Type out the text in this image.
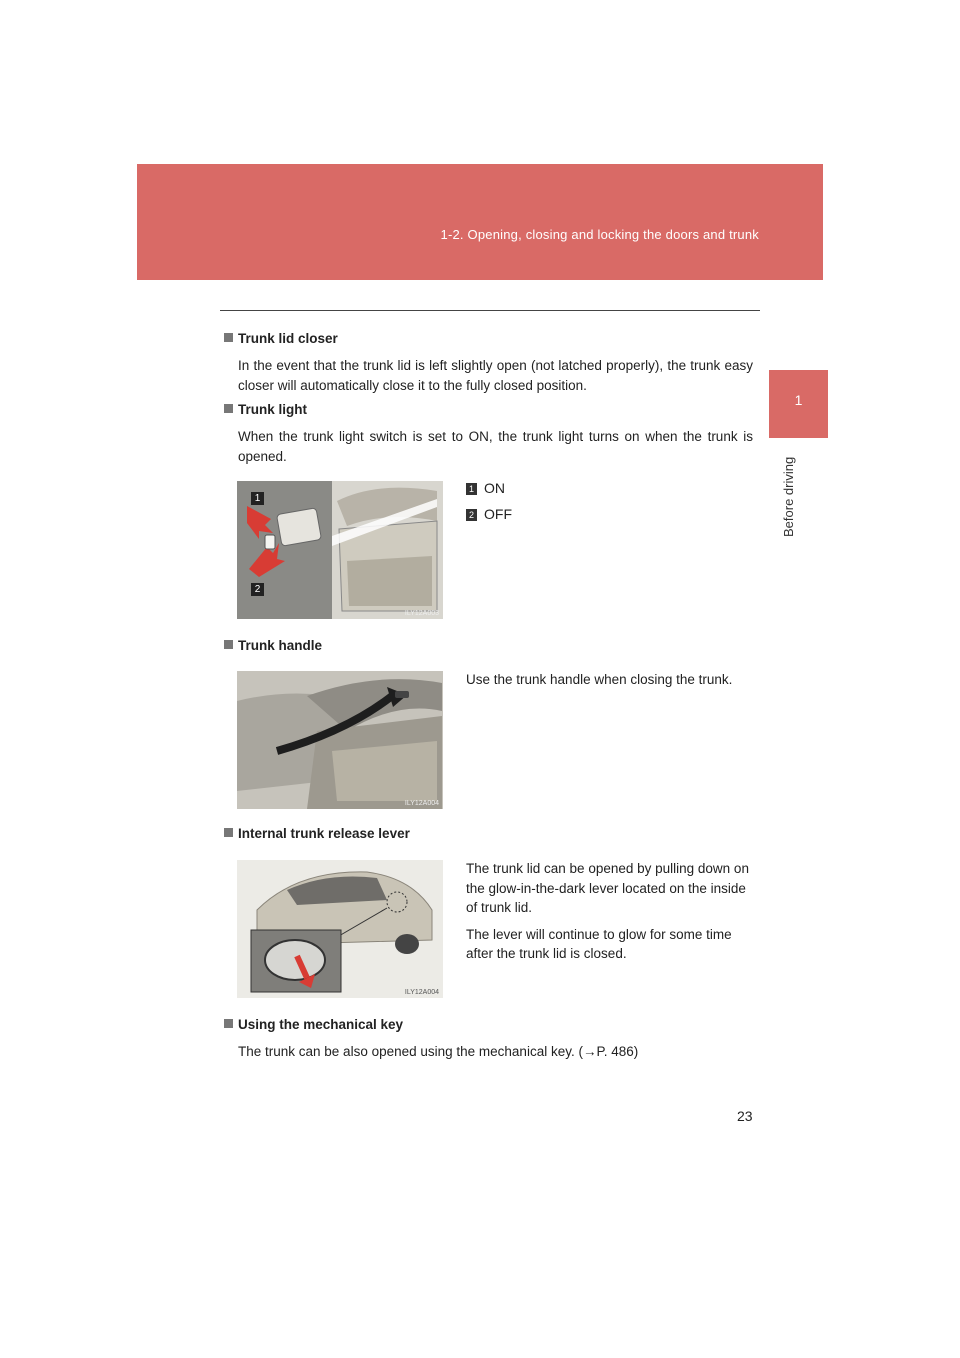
1-2. Opening, closing and locking the doors and trunk
1
Before driving
Trunk lid closer
In the event that the trunk lid is left slightly open (not latched properly), the trunk easy closer will automatically close it to the fully closed position.
Trunk light
When the trunk light switch is set to ON, the trunk light turns on when the trunk is opened.
1
2
ILY12A003
1 ON
2 OFF
Trunk handle
ILY12A004

Use the trunk handle when closing the trunk.

Internal trunk release lever
ILY12A004

The trunk lid can be opened by pulling down on the glow-in-the-dark lever located on the inside of trunk lid.

The lever will continue to glow for some time after the trunk lid is closed.

Using the mechanical key
The trunk can be also opened using the mechanical key. (→P. 486)
23
